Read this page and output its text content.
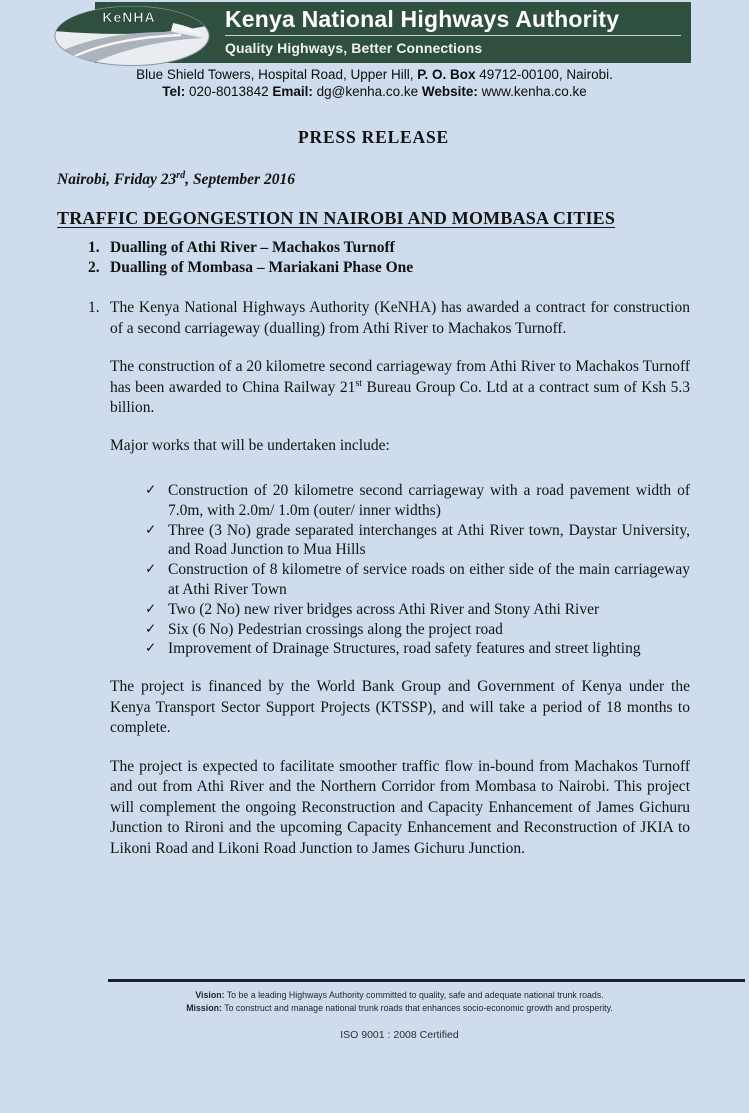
Kenya National Highways Authority
Quality Highways, Better Connections
KeNHA
Blue Shield Towers, Hospital Road, Upper Hill, P. O. Box 49712-00100, Nairobi.
Tel: 020-8013842 Email: dg@kenha.co.ke Website: www.kenha.co.ke
PRESS RELEASE
Nairobi, Friday 23rd, September 2016
TRAFFIC DEGONGESTION IN NAIROBI AND MOMBASA CITIES
1. Dualling of Athi River – Machakos Turnoff
2. Dualling of Mombasa – Mariakani Phase One
1. The Kenya National Highways Authority (KeNHA) has awarded a contract for construction of a second carriageway (dualling) from Athi River to Machakos Turnoff.
The construction of a 20 kilometre second carriageway from Athi River to Machakos Turnoff has been awarded to China Railway 21st Bureau Group Co. Ltd at a contract sum of Ksh 5.3 billion.
Major works that will be undertaken include:
✓ Construction of 20 kilometre second carriageway with a road pavement width of 7.0m, with 2.0m/ 1.0m (outer/ inner widths)
✓ Three (3 No) grade separated interchanges at Athi River town, Daystar University, and Road Junction to Mua Hills
✓ Construction of 8 kilometre of service roads on either side of the main carriageway at Athi River Town
✓ Two (2 No) new river bridges across Athi River and Stony Athi River
✓ Six (6 No) Pedestrian crossings along the project road
✓ Improvement of Drainage Structures, road safety features and street lighting
The project is financed by the World Bank Group and Government of Kenya under the Kenya Transport Sector Support Projects (KTSSP), and will take a period of 18 months to complete.
The project is expected to facilitate smoother traffic flow in-bound from Machakos Turnoff and out from Athi River and the Northern Corridor from Mombasa to Nairobi. This project will complement the ongoing Reconstruction and Capacity Enhancement of James Gichuru Junction to Rironi and the upcoming Capacity Enhancement and Reconstruction of JKIA to Likoni Road and Likoni Road Junction to James Gichuru Junction.
Vision: To be a leading Highways Authority committed to quality, safe and adequate national trunk roads.
Mission: To construct and manage national trunk roads that enhances socio-economic growth and prosperity.
ISO 9001 : 2008 Certified
